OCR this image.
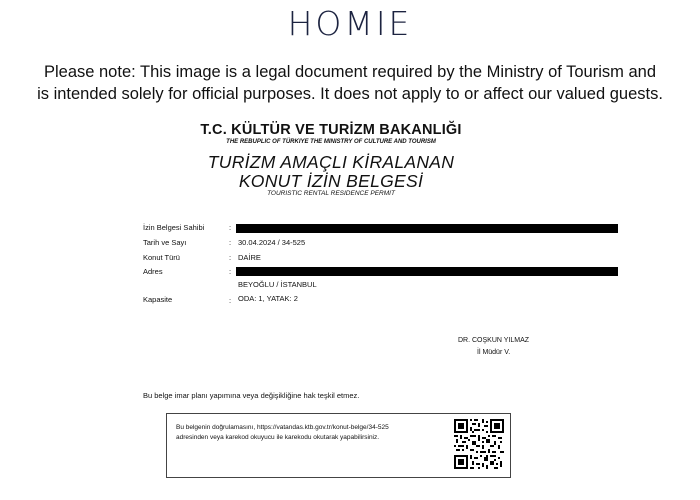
HOMIE
Please note: This image is a legal document required by the Ministry of Tourism and
is intended solely for official purposes. It does not apply to or affect our valued guests.
T.C. KÜLTÜR VE TURİZM BAKANLIĞI
THE REBUPLIC OF TÜRKIYE THE MINISTRY OF CULTURE AND TOURISM
TURİZM AMAÇLI KİRALANAN
KONUT İZİN BELGESİ
TOURISTIC RENTAL RESIDENCE PERMIT
İzin Belgesi Sahibi	:
Tarih ve Sayı	: 30.04.2024 / 34-525
Konut Türü	: DAİRE
Adres	:
BEYOĞLU / İSTANBUL
Kapasite	: ODA: 1, YATAK: 2
DR. COŞKUN YILMAZ
İl Müdür V.
Bu belge imar planı yapımına veya değişikliğine hak teşkil etmez.
Bu belgenin doğrulamasını, https://vatandas.ktb.gov.tr/konut-belge/34-525
adresinden veya karekod okuyucu ile karekodu okutarak yapabilirsiniz.
